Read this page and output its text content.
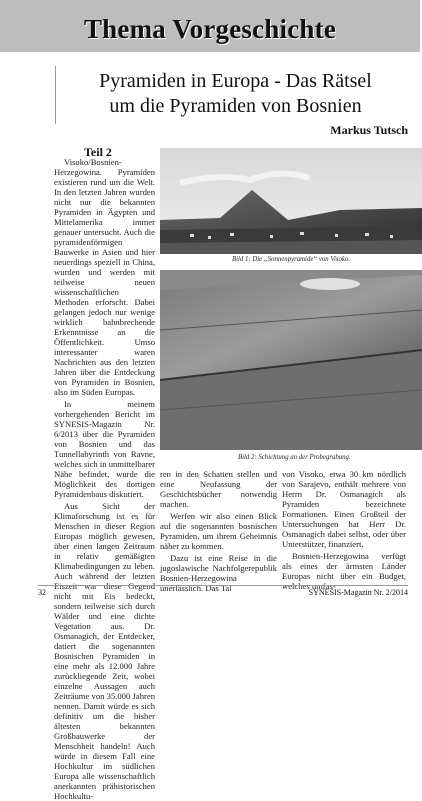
Thema Vorgeschichte
Pyramiden in Europa - Das Rätsel
um die Pyramiden von Bosnien
Markus Tutsch
Teil 2

Visoko/Bosnien-Herzegowina. Pyramiden existieren rund um die Welt. In den letzten Jahren wurden nicht nur die bekannten Pyramiden in Ägypten und Mittelamerika immer genauer untersucht. Auch die pyramidenförmigen Bauwerke in Asien und hier neuerdings speziell in China, wurden und werden mit teilweise neuen wissenschaftlichen Methoden erforscht. Dabei gelangen jedoch nur wenige wirklich bahnbrechende Erkenntnisse an die Öffentlichkeit. Umso interessanter waren Nachrichten aus den letzten Jahren über die Entdeckung von Pyramiden in Bosnien, also im Süden Europas.

In meinem vorhergehenden Bericht im SYNESIS-Magazin Nr. 6/2013 über die Pyramiden von Bosnien und das Tunnellabyrinth von Ravne, welches sich in unmittelbarer Nähe befindet, wurde die Möglichkeit des dortigen Pyramidenbaus diskutiert.

Aus Sicht der Klimaforschung ist es für Menschen in dieser Region Europas möglich gewesen, über einen langen Zeitraum in relativ gemäßigten Klimabedingungen zu leben. Auch während der letzten Eiszeit war diese Gegend nicht mit Eis bedeckt, sondern teilweise sich durch Wälder und eine dichte Vegetation aus. Dr. Osmanagich, der Entdecker, datiert die sogenannten Bosnischen Pyramiden in eine mehr als 12.000 Jahre zurückliegende Zeit, wobei einzelne Aussagen auch Zeiträume von 35.000 Jahren nennen. Damit würde es sich definitiv um die bisher ältesten bekannten Großbauwerke der Menschheit handeln! Auch würde in diesem Fall eine Hochkultur im südlichen Europa alle wissenschaftlich anerkannten prähistorischen Hochkultu-

Bild 1: Die „Sonnenpyramide“ von Visoko.
Bild 2: Schichtung an der Probegrabung.

ren in den Schatten stellen und eine Neufassung der Geschichtsbücher notwendig machen.

Werfen wir also einen Blick auf die sogenannten bosnischen Pyramiden, um ihrem Geheimnis näher zu kommen.

Dazu ist eine Reise in die jugoslawische Nachfolgerepublik Bosnien-Herzegowina unerlässlich. Das Tal

von Visoko, etwa 30 km nördlich von Sarajevo, enthält mehrere von Herrn Dr. Osmanagich als Pyramiden bezeichnete Formationen. Einen Großteil der Untersuchungen hat Herr Dr. Osmanagich dabei selbst, oder über Unterstützer, finanziert.

Bosnien-Herzegowina verfügt als eines der ärmsten Länder Europas nicht über ein Budget, welches umfas-

32	SYNESIS-Magazin Nr. 2/2014
